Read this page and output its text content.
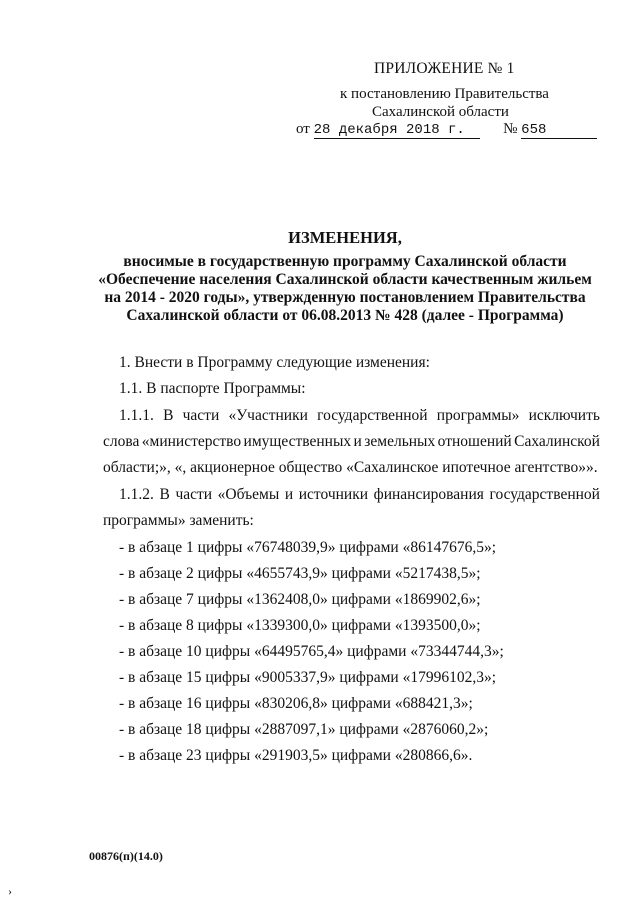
ПРИЛОЖЕНИЕ № 1
к постановлению Правительства
Сахалинской области
от 28 декабря 2018 г.	№ 658
ИЗМЕНЕНИЯ,
вносимые в государственную программу Сахалинской области
«Обеспечение населения Сахалинской области качественным жильем
на 2014 - 2020 годы», утвержденную постановлением Правительства
Сахалинской области от 06.08.2013 № 428 (далее - Программа)
1. Внести в Программу следующие изменения:
1.1. В паспорте Программы:
1.1.1. В части «Участники государственной программы» исключить
слова «министерство имущественных и земельных отношений Сахалинской
области;», «, акционерное общество «Сахалинское ипотечное агентство»».
1.1.2. В части «Объемы и источники финансирования государственной
программы» заменить:
- в абзаце 1 цифры «76748039,9» цифрами «86147676,5»;
- в абзаце 2 цифры «4655743,9» цифрами «5217438,5»;
- в абзаце 7 цифры «1362408,0» цифрами «1869902,6»;
- в абзаце 8 цифры «1339300,0» цифрами «1393500,0»;
- в абзаце 10 цифры «64495765,4» цифрами «73344744,3»;
- в абзаце 15 цифры «9005337,9» цифрами «17996102,3»;
- в абзаце 16 цифры «830206,8» цифрами «688421,3»;
- в абзаце 18 цифры «2887097,1» цифрами «2876060,2»;
- в абзаце 23 цифры «291903,5» цифрами «280866,6».
00876(п)(14.0)
›
